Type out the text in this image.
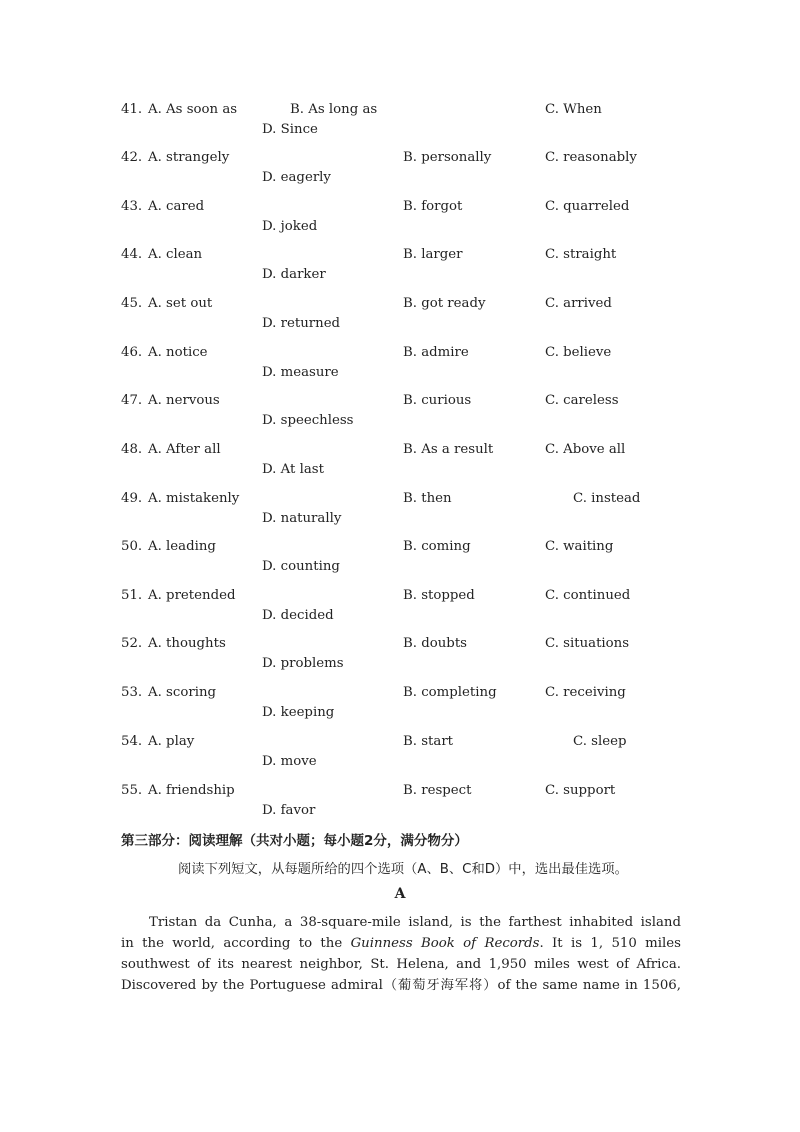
41. A. As soon as	B. As long as	C. When
D. Since
42. A. strangely	B. personally	C. reasonably
D. eagerly
43. A. cared	B. forgot	C. quarreled
D. joked
44. A. clean	B. larger	C. straight
D. darker
45. A. set out	B. got ready	C. arrived
D. returned
46. A. notice	B. admire	C. believe
D. measure
47. A. nervous	B. curious	C. careless
D. speechless
48. A. After all	B. As a result	C. Above all
D. At last
49. A. mistakenly	B. then	C. instead
D. naturally
50. A. leading	B. coming	C. waiting
D. counting
51. A. pretended	B. stopped	C. continued
D. decided
52. A. thoughts	B. doubts	C. situations
D. problems
53. A. scoring	B. completing	C. receiving
D. keeping
54. A. play	B. start	C. sleep
D. move
55. A. friendship	B. respect	C. support
D. favor
第三部分：阅读理解（共对小题；每小题2分，满分物分）
阅读下列短文，从每题所给的四个选项（A、B、C和D）中，选出最佳选项。
A
Tristan da Cunha, a 38-square-mile island, is the farthest inhabited island
in the world, according to the Guinness Book of Records. It is 1, 510 miles
southwest of its nearest neighbor, St. Helena, and 1,950 miles west of Africa.
Discovered by the Portuguese admiral（葡萄牙海军将）of the same name in 1506,
